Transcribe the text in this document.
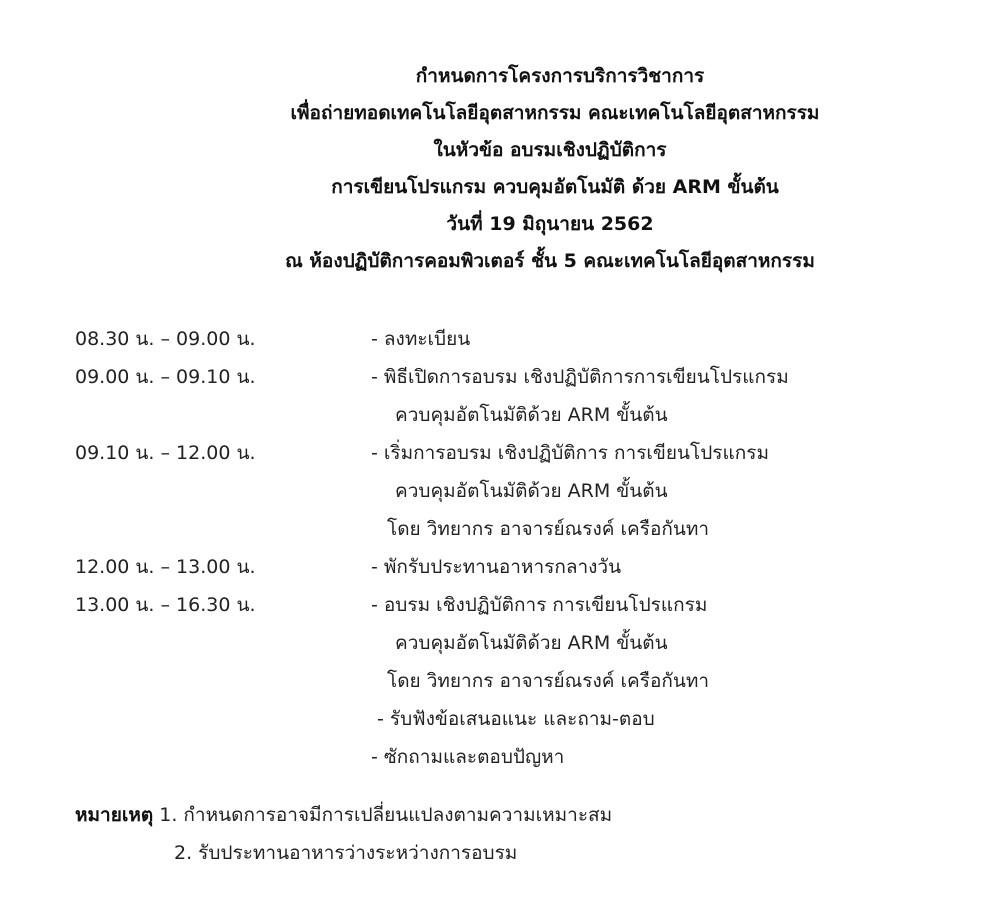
กำหนดการโครงการบริการวิชาการ
เพื่อถ่ายทอดเทคโนโลยีอุตสาหกรรม คณะเทคโนโลยีอุตสาหกรรม
ในหัวข้อ อบรมเชิงปฏิบัติการ
การเขียนโปรแกรม ควบคุมอัตโนมัติ ด้วย ARM ขั้นต้น
วันที่ 19 มิถุนายน 2562
ณ ห้องปฏิบัติการคอมพิวเตอร์ ชั้น 5 คณะเทคโนโลยีอุตสาหกรรม
08.30 น. – 09.00 น.	- ลงทะเบียน
09.00 น. – 09.10 น.	- พิธีเปิดการอบรม เชิงปฏิบัติการการเขียนโปรแกรม
ควบคุมอัตโนมัติด้วย ARM ขั้นต้น
09.10 น. – 12.00 น.	- เริ่มการอบรม เชิงปฏิบัติการ การเขียนโปรแกรม
ควบคุมอัตโนมัติด้วย ARM ขั้นต้น
โดย วิทยากร อาจารย์ณรงค์ เครือกันทา
12.00 น. – 13.00 น.	- พักรับประทานอาหารกลางวัน
13.00 น. – 16.30 น.	- อบรม เชิงปฏิบัติการ การเขียนโปรแกรม
ควบคุมอัตโนมัติด้วย ARM ขั้นต้น
โดย วิทยากร อาจารย์ณรงค์ เครือกันทา
- รับฟังข้อเสนอแนะ และถาม-ตอบ
- ซักถามและตอบปัญหา
หมายเหตุ 1. กำหนดการอาจมีการเปลี่ยนแปลงตามความเหมาะสม
2. รับประทานอาหารว่างระหว่างการอบรม
